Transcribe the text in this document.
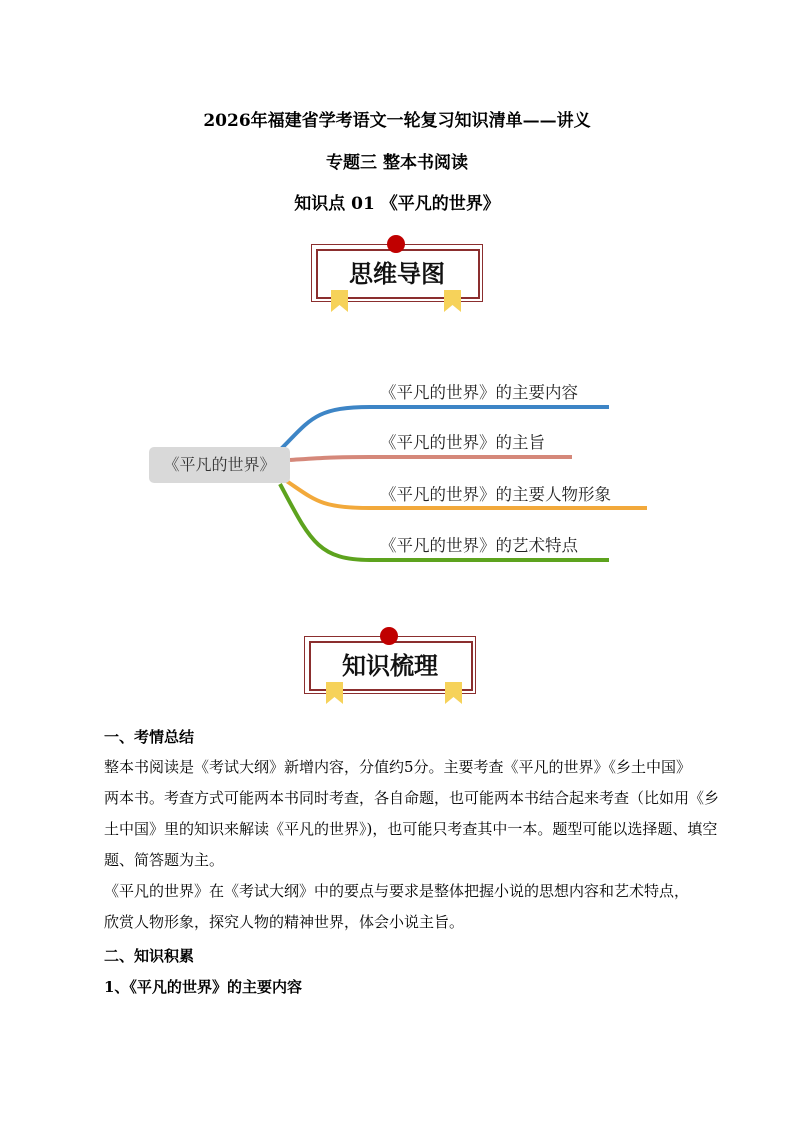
2026年福建省学考语文一轮复习知识清单——讲义
专题三 整本书阅读
知识点 01 《平凡的世界》
思维导图
《平凡的世界》
《平凡的世界》的主要内容
《平凡的世界》的主旨
《平凡的世界》的主要人物形象
《平凡的世界》的艺术特点
知识梳理
一、考情总结
整本书阅读是《考试大纲》新增内容，分值约5分。主要考查《平凡的世界》《乡土中国》
两本书。考查方式可能两本书同时考查，各自命题，也可能两本书结合起来考查（比如用《乡
土中国》里的知识来解读《平凡的世界》)，也可能只考查其中一本。题型可能以选择题、填空
题、简答题为主。
《平凡的世界》在《考试大纲》中的要点与要求是整体把握小说的思想内容和艺术特点，
欣赏人物形象，探究人物的精神世界，体会小说主旨。
二、知识积累
1、《平凡的世界》的主要内容
